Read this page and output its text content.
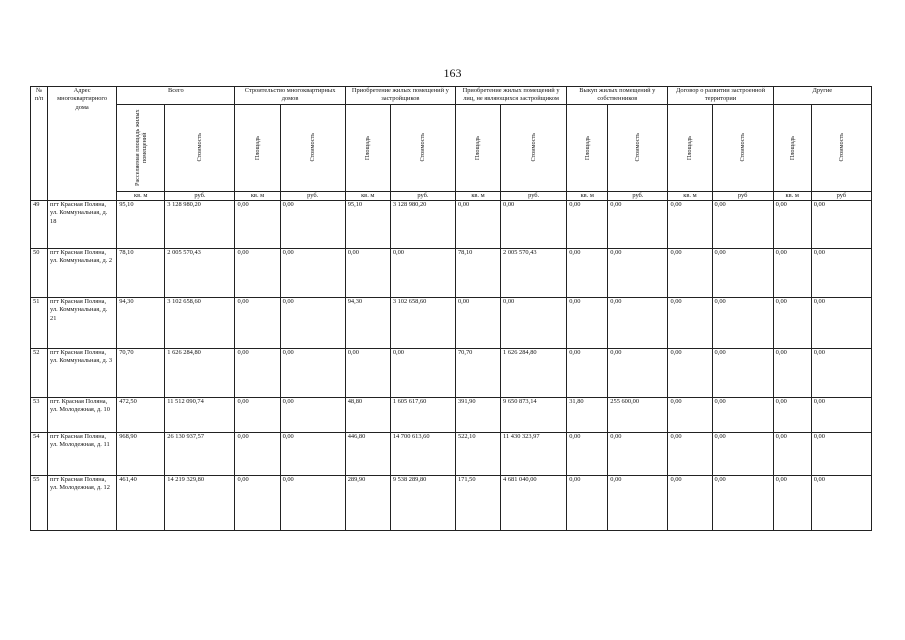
163
№ п/п	Адрес многоквартирного дома	Всего		Строительство многоквартирных домов		Приобретение жилых помещений у застройщиков		Приобретение жилых помещений у лиц, не являющихся застройщиком		Выкуп жилых помещений у собственников		Договор о развитии застроенной территории		Другие	

		Расселяемая площадь жилых помещений	Стоимость	Площадь	Стоимость	Площадь	Стоимость	Площадь	Стоимость	Площадь	Стоимость	Площадь	Стоимость	Площадь	Стоимость

		кв. м	руб.	кв. м	руб.	кв. м	руб.	кв. м	руб.	кв. м	руб.	кв. м	руб	кв. м	руб
49	пгт Красная Поляна, ул. Коммунальная, д. 18	95,10	3 128 980,20	0,00	0,00	95,10	3 128 980,20	0,00	0,00	0,00	0,00	0,00	0,00	0,00	0,00
50	пгт Красная Поляна, ул. Коммунальная, д. 2	78,10	2 005 570,43	0,00	0,00	0,00	0,00	78,10	2 005 570,43	0,00	0,00	0,00	0,00	0,00	0,00
51	пгт Красная Поляна, ул. Коммунальная, д. 21	94,30	3 102 658,60	0,00	0,00	94,30	3 102 658,60	0,00	0,00	0,00	0,00	0,00	0,00	0,00	0,00
52	пгт Красная Поляна, ул. Коммунальная, д. 3	70,70	1 626 284,80	0,00	0,00	0,00	0,00	70,70	1 626 284,80	0,00	0,00	0,00	0,00	0,00	0,00
53	пгт. Красная Поляна, ул. Молодежная, д. 10	472,50	11 512 090,74	0,00	0,00	48,80	1 605 617,60	391,90	9 650 873,14	31,80	255 600,00	0,00	0,00	0,00	0,00
54	пгт Красная Поляна, ул. Молодежная, д. 11	968,90	26 130 937,57	0,00	0,00	446,80	14 700 613,60	522,10	11 430 323,97	0,00	0,00	0,00	0,00	0,00	0,00
55	пгт Красная Поляна, ул. Молодежная, д. 12	461,40	14 219 329,80	0,00	0,00	289,90	9 538 289,80	171,50	4 681 040,00	0,00	0,00	0,00	0,00	0,00	0,00
